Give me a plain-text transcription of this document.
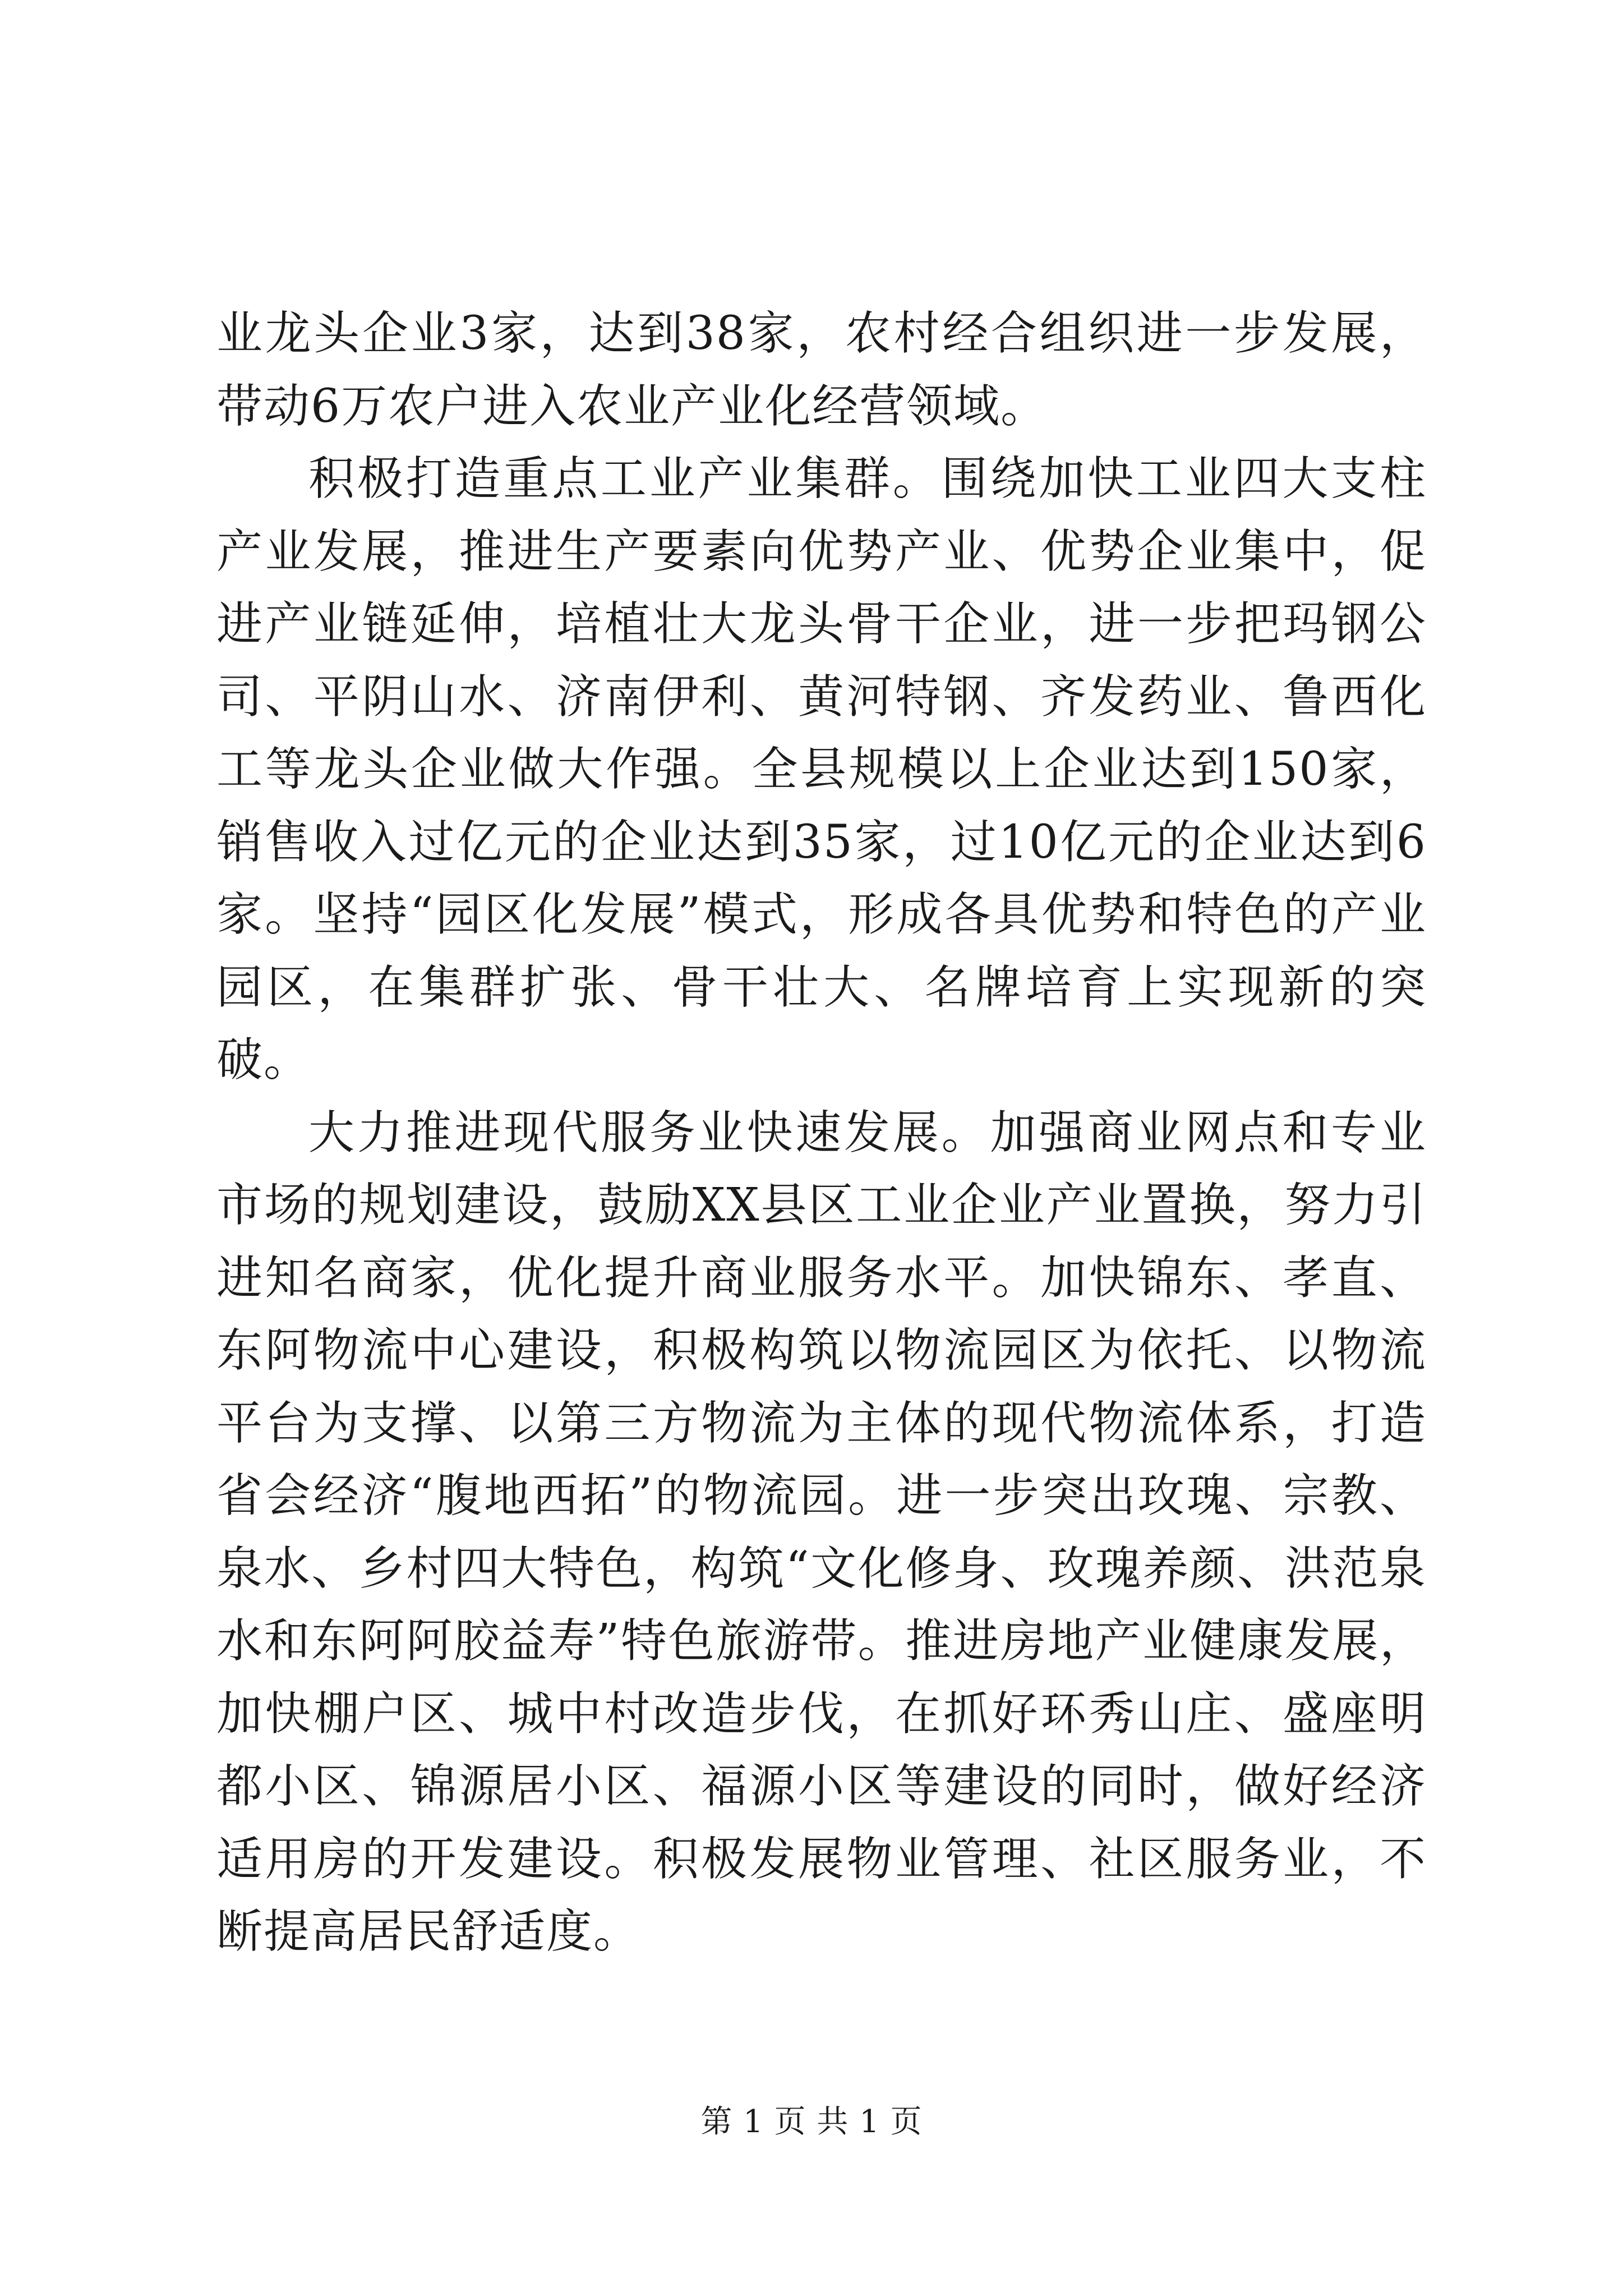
业龙头企业3家，达到38家，农村经合组织进一步发展，带动6万农户进入农业产业化经营领域。

积极打造重点工业产业集群。围绕加快工业四大支柱产业发展，推进生产要素向优势产业、优势企业集中，促进产业链延伸，培植壮大龙头骨干企业，进一步把玛钢公司、平阴山水、济南伊利、黄河特钢、齐发药业、鲁西化工等龙头企业做大作强。全县规模以上企业达到150家，销售收入过亿元的企业达到35家，过10亿元的企业达到6家。坚持“园区化发展”模式，形成各具优势和特色的产业园区，在集群扩张、骨干壮大、名牌培育上实现新的突破。

大力推进现代服务业快速发展。加强商业网点和专业市场的规划建设，鼓励XX县区工业企业产业置换，努力引进知名商家，优化提升商业服务水平。加快锦东、孝直、东阿物流中心建设，积极构筑以物流园区为依托、以物流平台为支撑、以第三方物流为主体的现代物流体系，打造省会经济“腹地西拓”的物流园。进一步突出玫瑰、宗教、泉水、乡村四大特色，构筑“文化修身、玫瑰养颜、洪范泉水和东阿阿胶益寿”特色旅游带。推进房地产业健康发展，加快棚户区、城中村改造步伐，在抓好环秀山庄、盛座明都小区、锦源居小区、福源小区等建设的同时，做好经济适用房的开发建设。积极发展物业管理、社区服务业，不断提高居民舒适度。

第 1 页 共 1 页
